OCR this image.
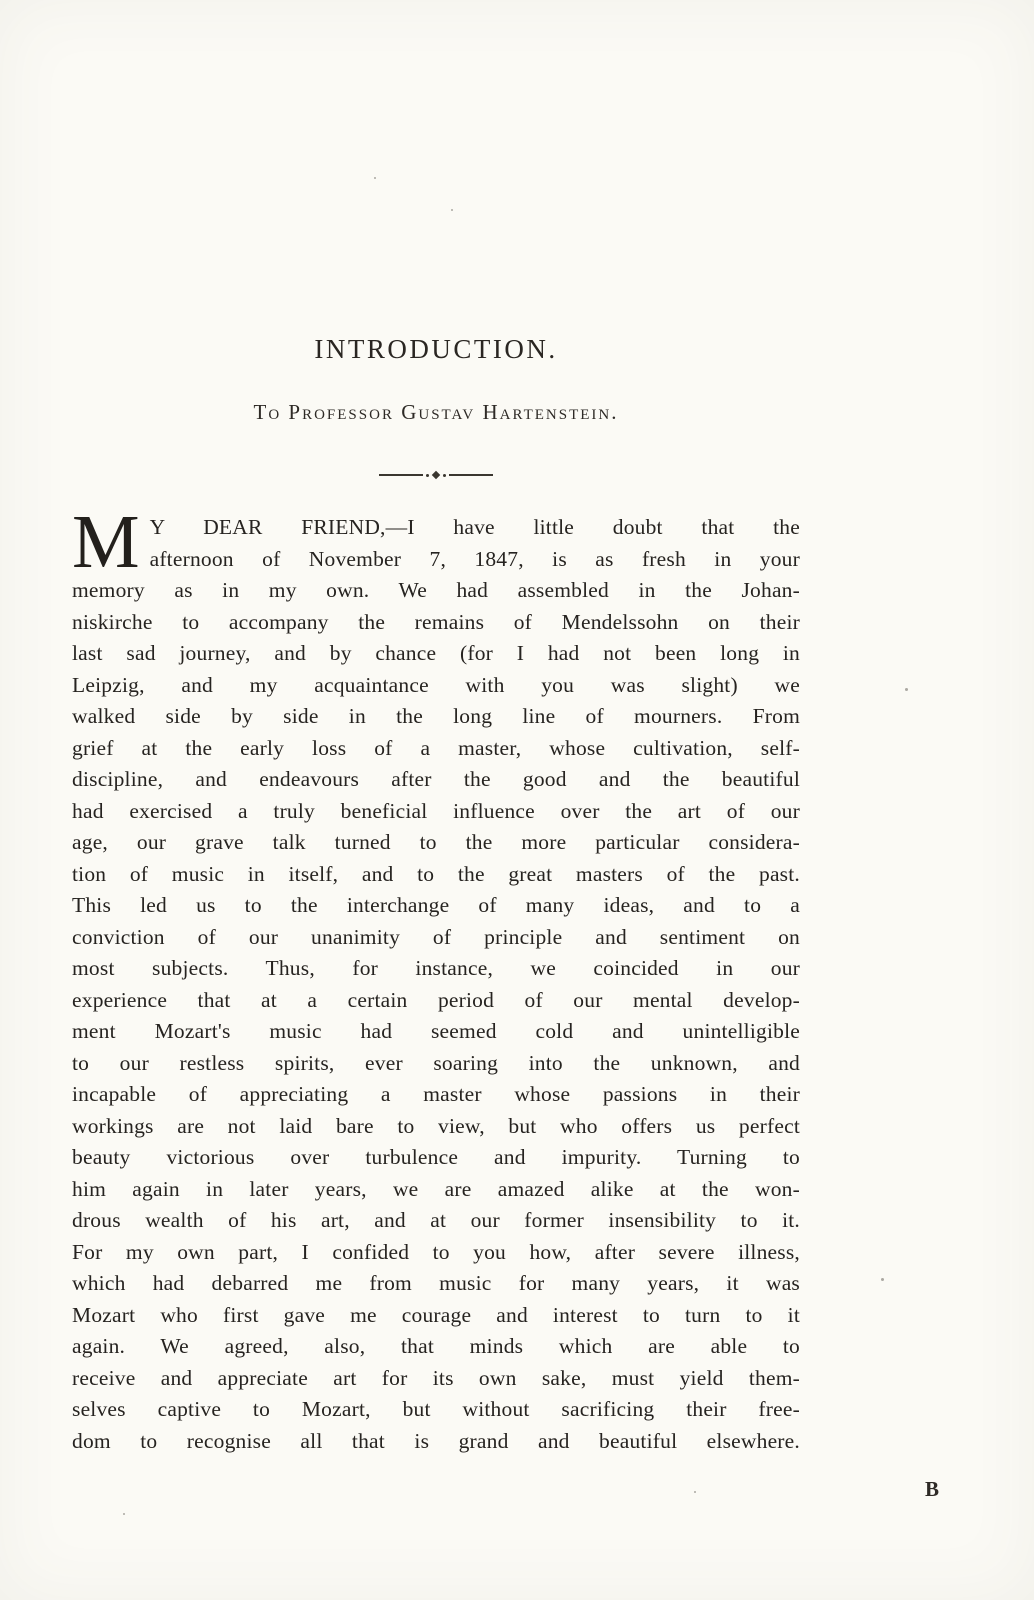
INTRODUCTION.
To Professor Gustav Hartenstein.
M Y DEAR FRIEND,—I have little doubt that the
afternoon of November 7, 1847, is as fresh in your
memory as in my own. We had assembled in the Johan-
niskirche to accompany the remains of Mendelssohn on their
last sad journey, and by chance (for I had not been long in
Leipzig, and my acquaintance with you was slight) we
walked side by side in the long line of mourners. From
grief at the early loss of a master, whose cultivation, self-
discipline, and endeavours after the good and the beautiful
had exercised a truly beneficial influence over the art of our
age, our grave talk turned to the more particular considera-
tion of music in itself, and to the great masters of the past.
This led us to the interchange of many ideas, and to a
conviction of our unanimity of principle and sentiment on
most subjects. Thus, for instance, we coincided in our
experience that at a certain period of our mental develop-
ment Mozart's music had seemed cold and unintelligible
to our restless spirits, ever soaring into the unknown, and
incapable of appreciating a master whose passions in their
workings are not laid bare to view, but who offers us perfect
beauty victorious over turbulence and impurity. Turning to
him again in later years, we are amazed alike at the won-
drous wealth of his art, and at our former insensibility to it.
For my own part, I confided to you how, after severe illness,
which had debarred me from music for many years, it was
Mozart who first gave me courage and interest to turn to it
again. We agreed, also, that minds which are able to
receive and appreciate art for its own sake, must yield them-
selves captive to Mozart, but without sacrificing their free-
dom to recognise all that is grand and beautiful elsewhere.
B
